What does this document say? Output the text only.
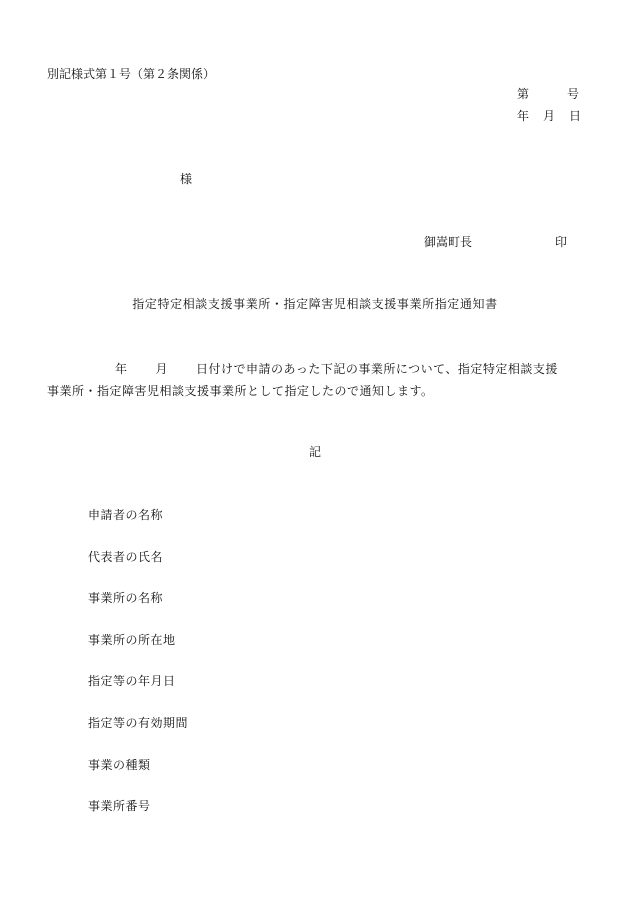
別記様式第１号（第２条関係）
第	号
年 月 日
様
御嵩町長	印
指定特定相談支援事業所・指定障害児相談支援事業所指定通知書
年 月 日付けで申請のあった下記の事業所について、指定特定相談支援
事業所・指定障害児相談支援事業所として指定したので通知します。
記
申請者の名称
代表者の氏名
事業所の名称
事業所の所在地
指定等の年月日
指定等の有効期間
事業の種類
事業所番号
